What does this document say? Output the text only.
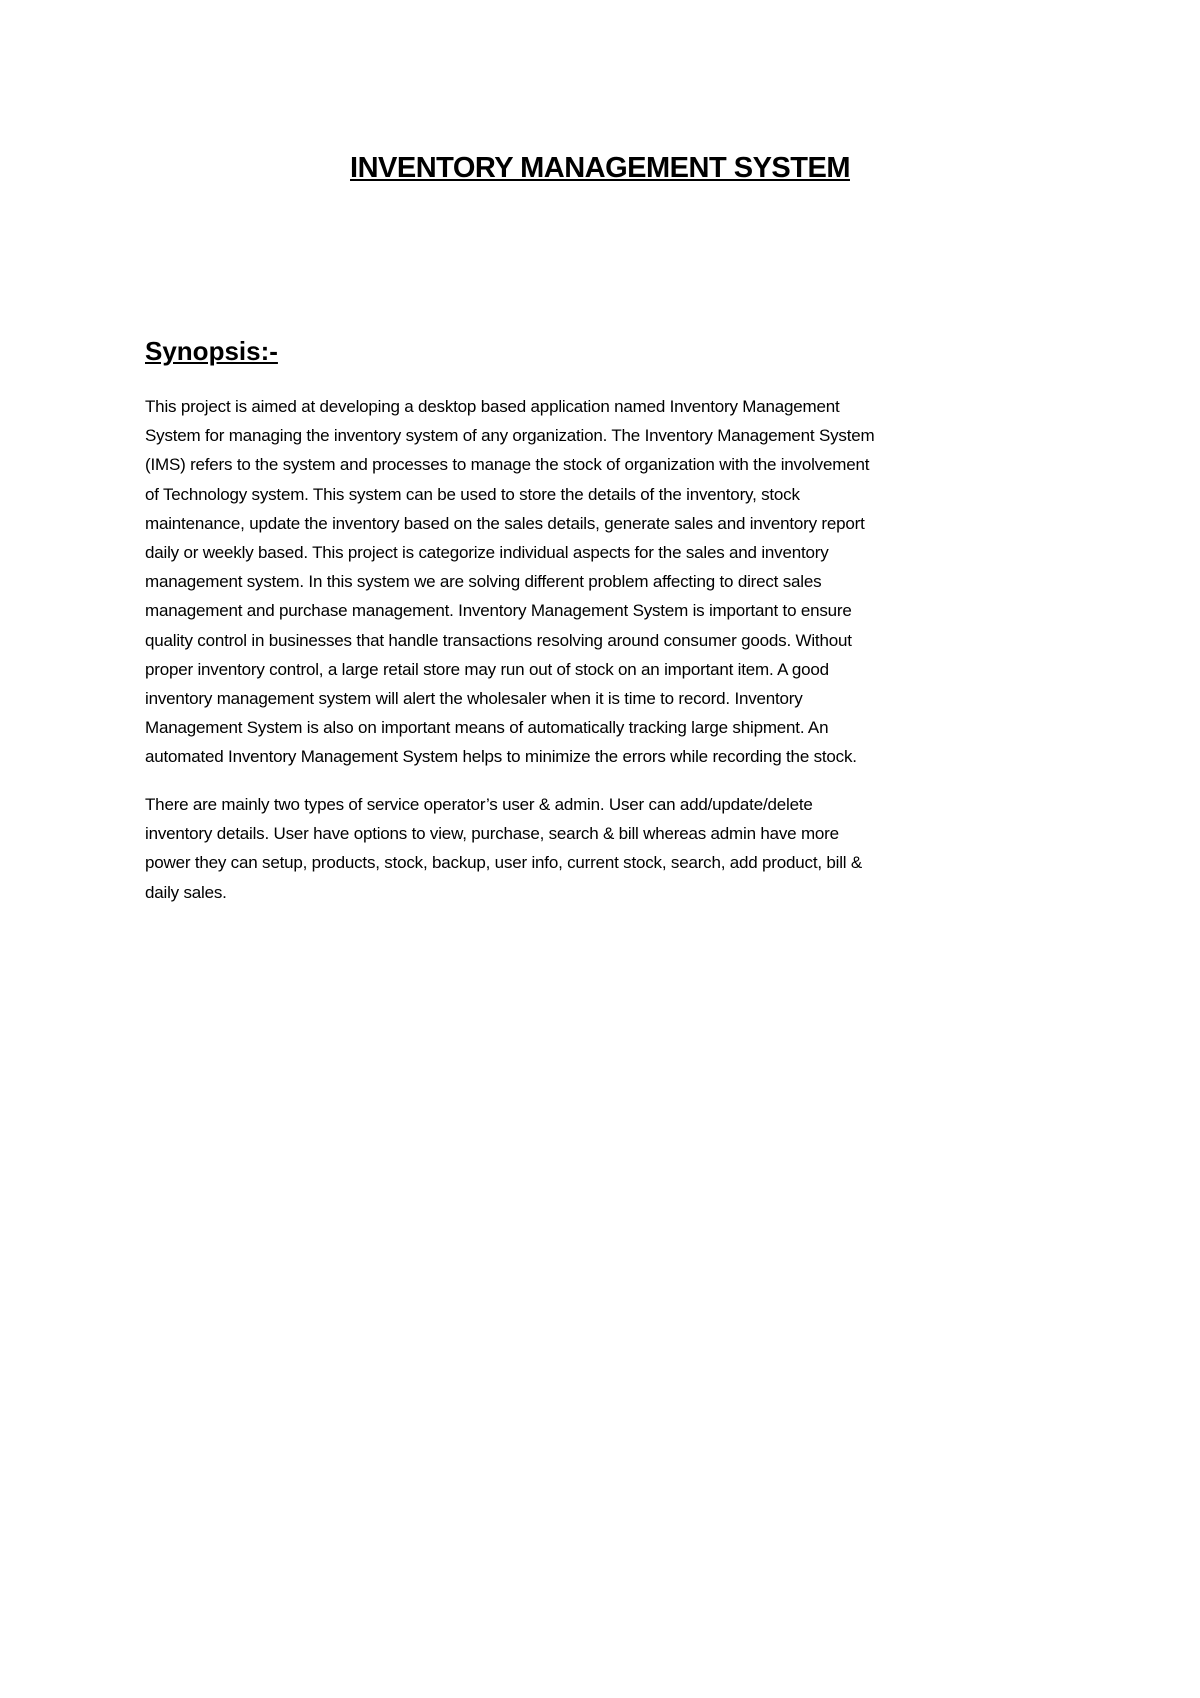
INVENTORY MANAGEMENT SYSTEM
Synopsis:-
This project is aimed at developing a desktop based application named Inventory Management
System for managing the inventory system of any organization. The Inventory Management System
(IMS) refers to the system and processes to manage the stock of organization with the involvement
of Technology system. This system can be used to store the details of the inventory, stock
maintenance, update the inventory based on the sales details, generate sales and inventory report
daily or weekly based. This project is categorize individual aspects for the sales and inventory
management system. In this system we are solving different problem affecting to direct sales
management and purchase management. Inventory Management System is important to ensure
quality control in businesses that handle transactions resolving around consumer goods. Without
proper inventory control, a large retail store may run out of stock on an important item. A good
inventory management system will alert the wholesaler when it is time to record. Inventory
Management System is also on important means of automatically tracking large shipment. An
automated Inventory Management System helps to minimize the errors while recording the stock.
There are mainly two types of service operator’s user & admin. User can add/update/delete
inventory details. User have options to view, purchase, search & bill whereas admin have more
power they can setup, products, stock, backup, user info, current stock, search, add product, bill &
daily sales.
